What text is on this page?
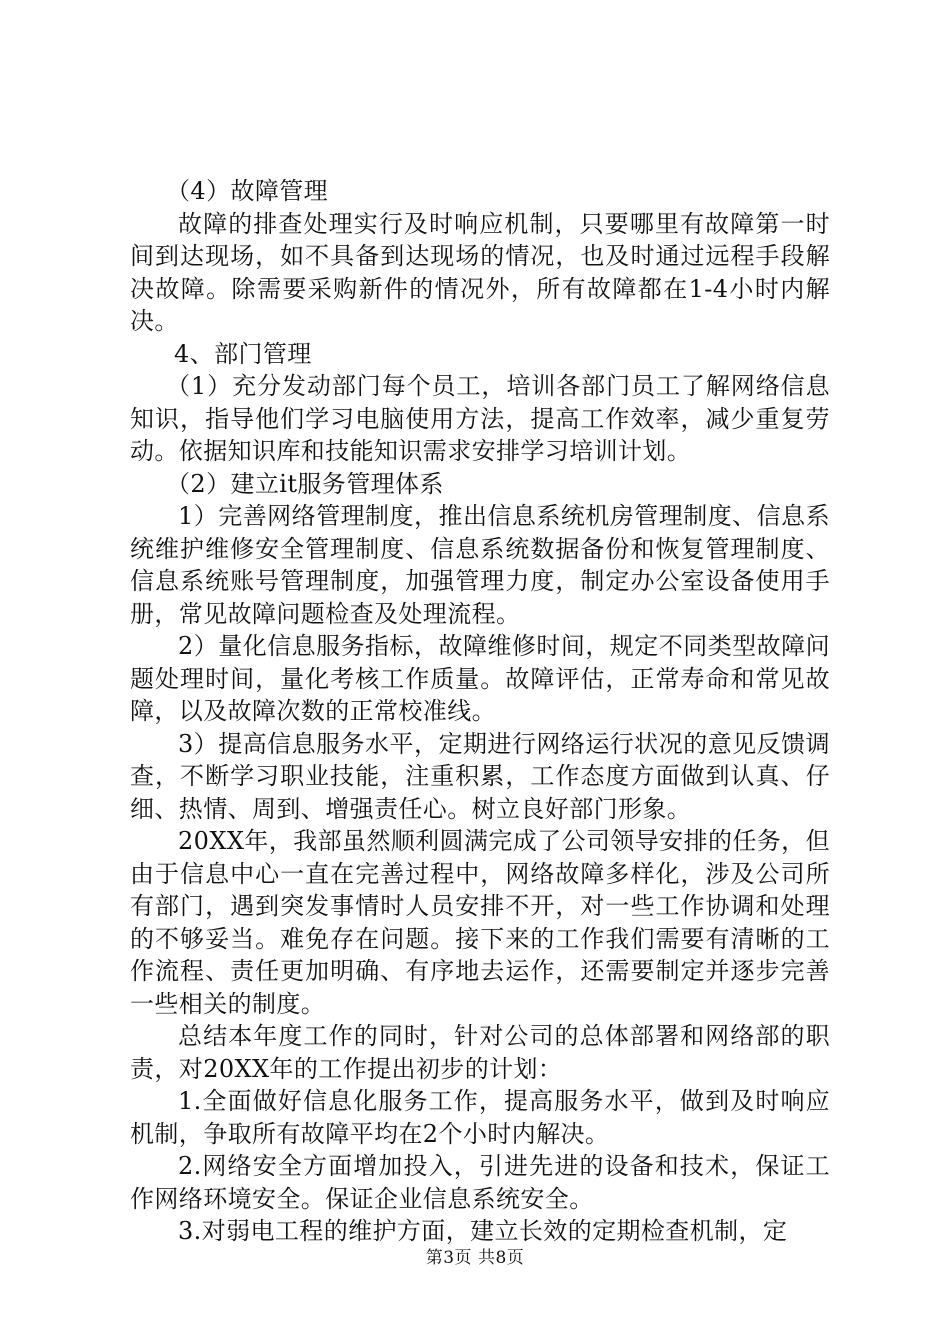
（4）故障管理

故障的排查处理实行及时响应机制，只要哪里有故障第一时间到达现场，如不具备到达现场的情况，也及时通过远程手段解决故障。除需要采购新件的情况外，所有故障都在1-4小时内解决。

4、部门管理

（1）充分发动部门每个员工，培训各部门员工了解网络信息知识，指导他们学习电脑使用方法，提高工作效率，减少重复劳动。依据知识库和技能知识需求安排学习培训计划。

（2）建立it服务管理体系

1）完善网络管理制度，推出信息系统机房管理制度、信息系统维护维修安全管理制度、信息系统数据备份和恢复管理制度、信息系统账号管理制度，加强管理力度，制定办公室设备使用手册，常见故障问题检查及处理流程。

2）量化信息服务指标，故障维修时间，规定不同类型故障问题处理时间，量化考核工作质量。故障评估，正常寿命和常见故障，以及故障次数的正常校准线。

3）提高信息服务水平，定期进行网络运行状况的意见反馈调查，不断学习职业技能，注重积累，工作态度方面做到认真、仔细、热情、周到、增强责任心。树立良好部门形象。

20XX年，我部虽然顺利圆满完成了公司领导安排的任务，但由于信息中心一直在完善过程中，网络故障多样化，涉及公司所有部门，遇到突发事情时人员安排不开，对一些工作协调和处理的不够妥当。难免存在问题。接下来的工作我们需要有清晰的工作流程、责任更加明确、有序地去运作，还需要制定并逐步完善一些相关的制度。

总结本年度工作的同时，针对公司的总体部署和网络部的职责，对20XX年的工作提出初步的计划：

1.全面做好信息化服务工作，提高服务水平，做到及时响应机制，争取所有故障平均在2个小时内解决。

2.网络安全方面增加投入，引进先进的设备和技术，保证工作网络环境安全。保证企业信息系统安全。

3.对弱电工程的维护方面，建立长效的定期检查机制，定

第3页 共8页
